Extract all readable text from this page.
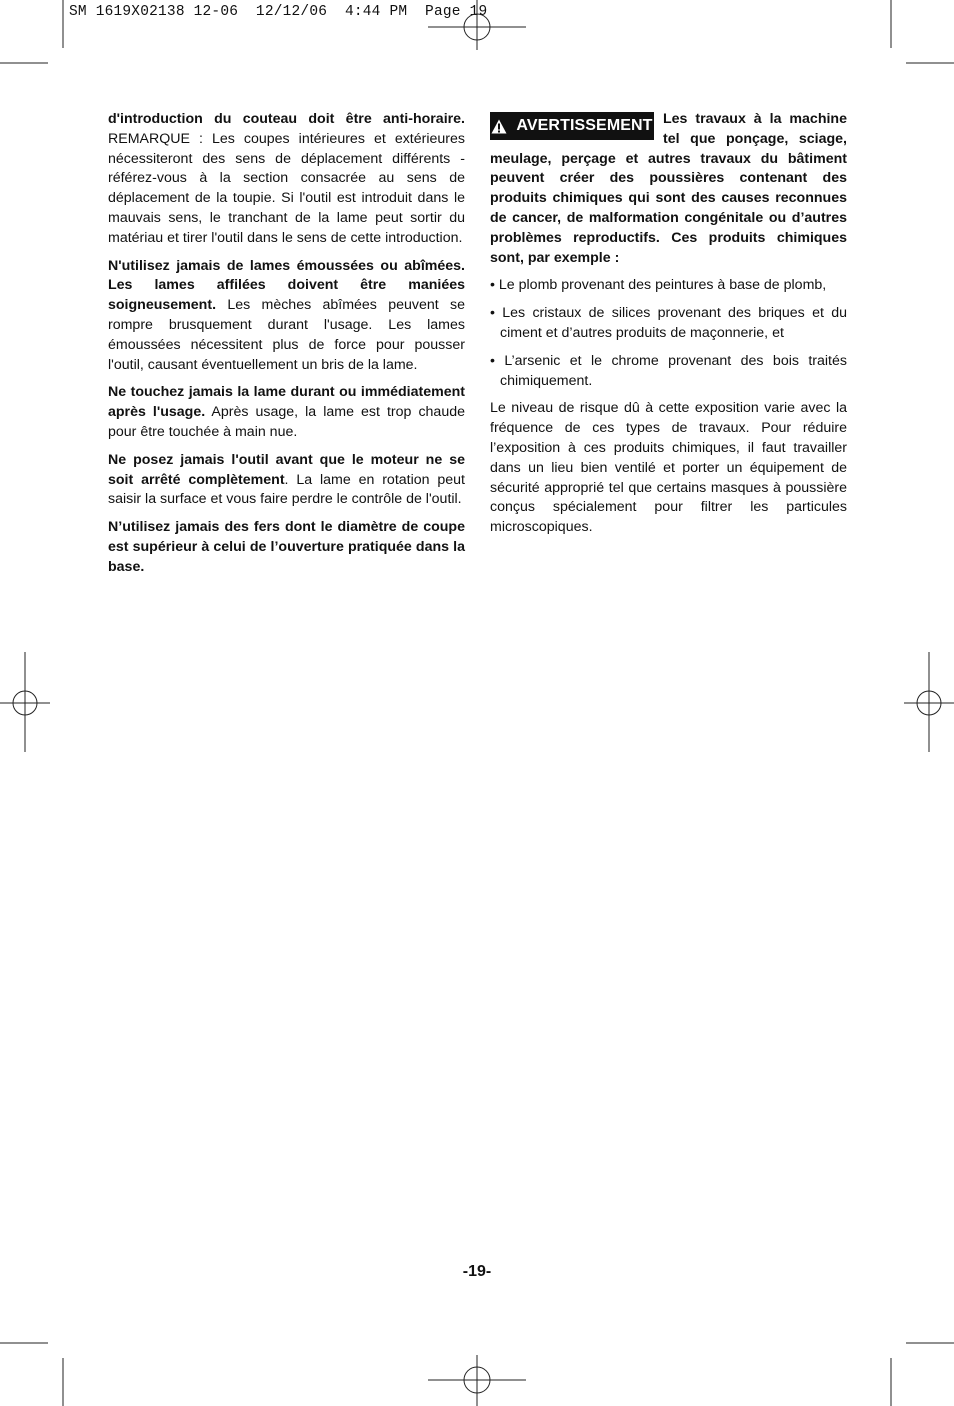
SM 1619X02138 12-06  12/12/06  4:44 PM  Page 19

d'introduction du couteau doit être anti-horaire. REMARQUE : Les coupes intérieures et extérieures nécessiteront des sens de déplacement différents - référez-vous à la section consacrée au sens de déplacement de la toupie. Si l'outil est introduit dans le mauvais sens, le tranchant de la lame peut sortir du matériau et tirer l'outil dans le sens de cette introduction.

N'utilisez jamais de lames émoussées ou abîmées. Les lames affilées doivent être maniées soigneusement. Les mèches abîmées peuvent se rompre brusquement durant l'usage. Les lames émoussées nécessitent plus de force pour pousser l'outil, causant éventuellement un bris de la lame.

Ne touchez jamais la lame durant ou immédiatement après l'usage. Après usage, la lame est trop chaude pour être touchée à main nue.

Ne posez jamais l'outil avant que le moteur ne se soit arrêté complètement. La lame en rotation peut saisir la surface et vous faire perdre le contrôle de l'outil.

N’utilisez jamais des fers dont le diamètre de coupe est supérieur à celui de l’ouverture pratiquée dans la base.

AVERTISSEMENT Les travaux à la machine tel que ponçage, sciage, meulage, perçage et autres travaux du bâtiment peuvent créer des poussières contenant des produits chimiques qui sont des causes reconnues de cancer, de malformation congénitale ou d’autres problèmes reproductifs. Ces produits chimiques sont, par exemple :

• Le plomb provenant des peintures à base de plomb,

• Les cristaux de silices provenant des briques et du ciment et d’autres produits de maçonnerie, et

• L’arsenic et le chrome provenant des bois traités chimiquement.

Le niveau de risque dû à cette exposition varie avec la fréquence de ces types de travaux. Pour réduire l’exposition à ces produits chimiques, il faut travailler dans un lieu bien ventilé et porter un équipement de sécurité approprié tel que certains masques à poussière conçus spécialement pour filtrer les particules microscopiques.

-19-
